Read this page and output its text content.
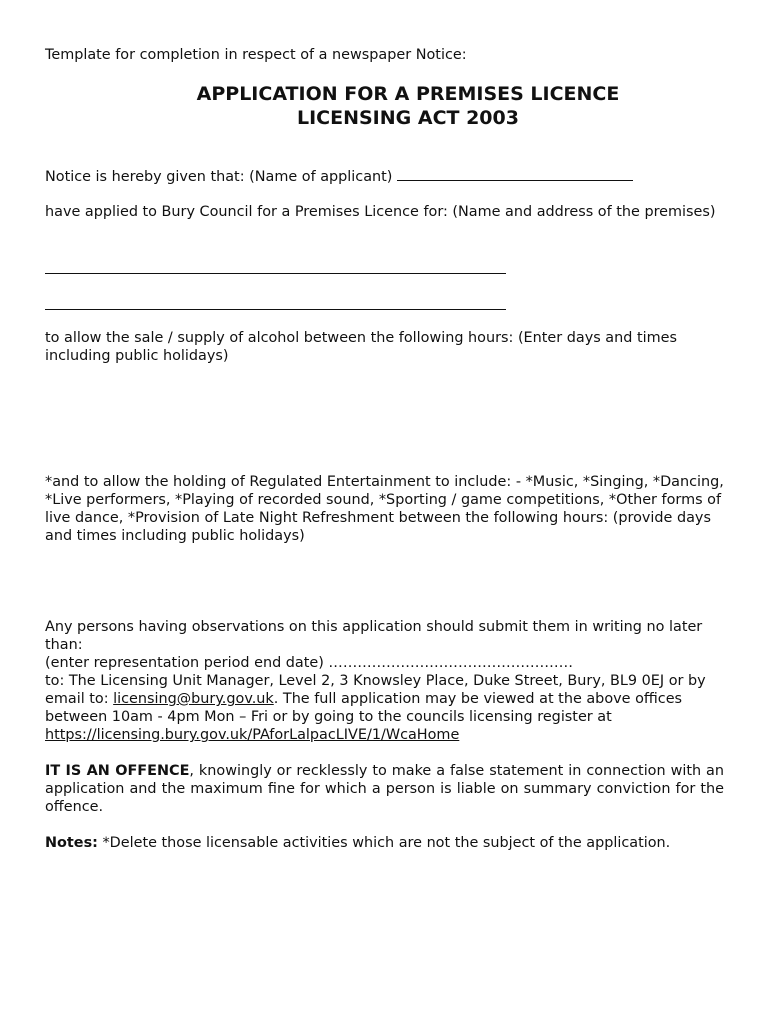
Template for completion in respect of a newspaper Notice:

APPLICATION FOR A PREMISES LICENCE

LICENSING ACT 2003

Notice is hereby given that: (Name of applicant)

have applied to Bury Council for a Premises Licence for: (Name and address of the premises)

to allow the sale / supply of alcohol between the following hours: (Enter days and times including public holidays)

*and to allow the holding of Regulated Entertainment to include: - *Music, *Singing, *Dancing, *Live performers, *Playing of recorded sound, *Sporting / game competitions, *Other forms of live dance, *Provision of Late Night Refreshment between the following hours: (provide days and times including public holidays)

Any persons having observations on this application should submit them in writing no later than:
(enter representation period end date) ……………………………………………
to: The Licensing Unit Manager, Level 2, 3 Knowsley Place, Duke Street, Bury, BL9 0EJ or by email to: licensing@bury.gov.uk. The full application may be viewed at the above offices between 10am - 4pm Mon – Fri or by going to the councils licensing register at
https://licensing.bury.gov.uk/PAforLalpacLIVE/1/WcaHome

IT IS AN OFFENCE, knowingly or recklessly to make a false statement in connection with an application and the maximum fine for which a person is liable on summary conviction for the offence.

Notes: *Delete those licensable activities which are not the subject of the application.
